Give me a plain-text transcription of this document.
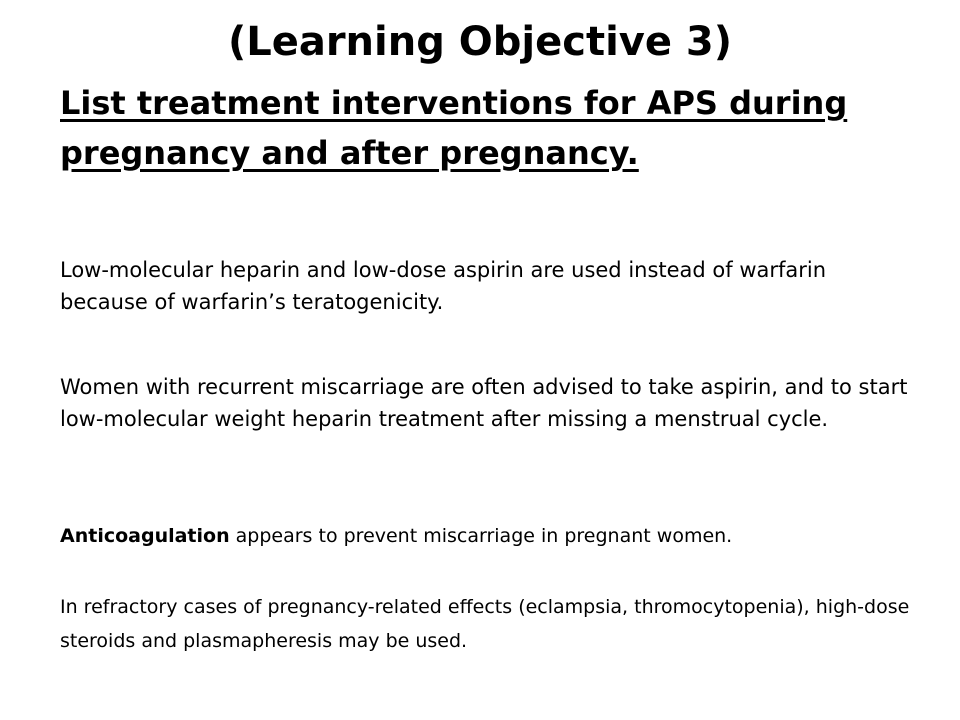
(Learning Objective 3)
List treatment interventions for APS during pregnancy and after pregnancy.

Low-molecular heparin and low-dose aspirin are used instead of warfarin because of warfarin’s teratogenicity.

Women with recurrent miscarriage are often advised to take aspirin, and to start low-molecular weight heparin treatment after missing a menstrual cycle.

Anticoagulation appears to prevent miscarriage in pregnant women.

In refractory cases of pregnancy-related effects (eclampsia, thromocytopenia), high-dose steroids and plasmapheresis may be used.
